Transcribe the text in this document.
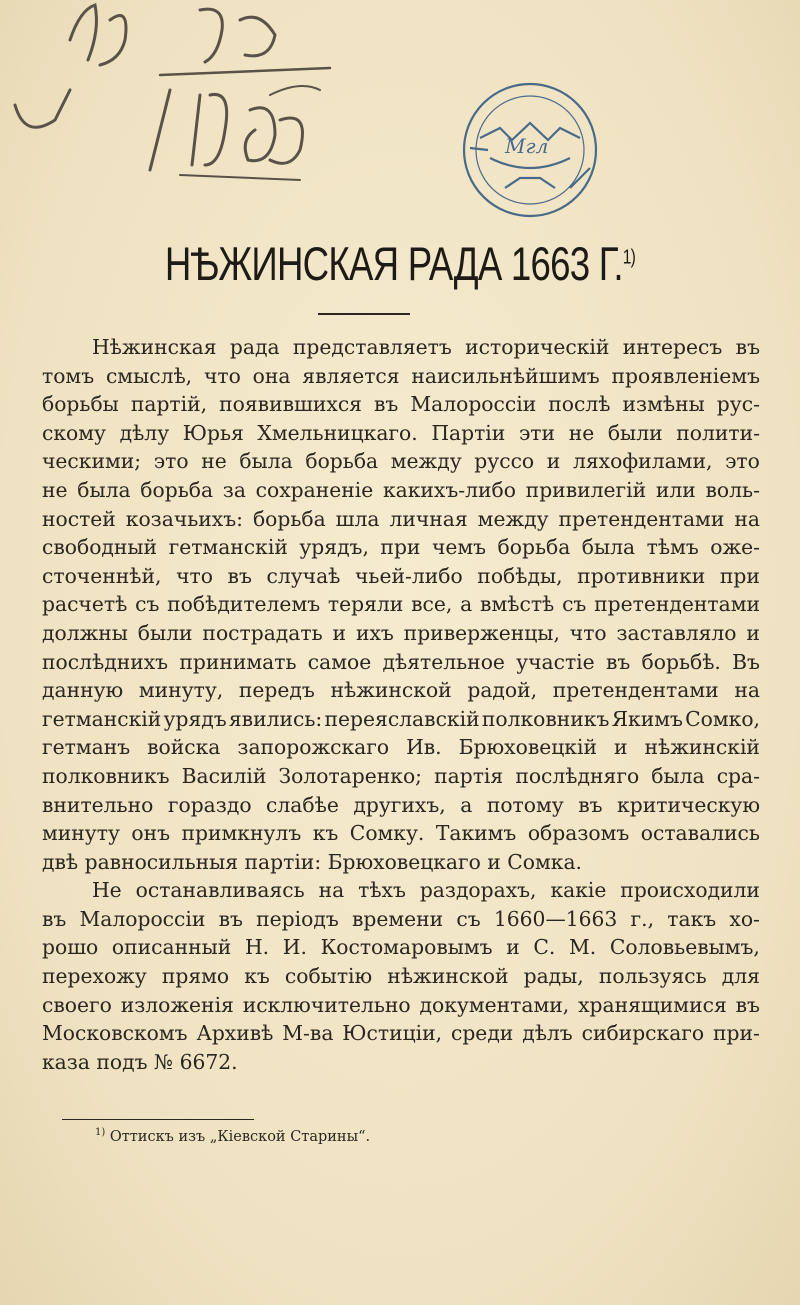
Мгл
НѢЖИНСКАЯ РАДА 1663 Г.$^{1)}$
Нѣжинская рада представляетъ историческій интересъ въ
томъ смыслѣ, что она является наисильнѣйшимъ проявленіемъ
борьбы партій, появившихся въ Малороссіи послѣ измѣны рус-
скому дѣлу Юрья Хмельницкаго. Партіи эти не были полити-
ческими; это не была борьба между руссо и ляхофилами, это
не была борьба за сохраненіе какихъ-либо привилегій или воль-
ностей козачьихъ: борьба шла личная между претендентами на
свободный гетманскій урядъ, при чемъ борьба была тѣмъ оже-
сточеннѣй, что въ случаѣ чьей-либо побѣды, противники при
расчетѣ съ побѣдителемъ теряли все, а вмѣстѣ съ претендентами
должны были пострадать и ихъ приверженцы, что заставляло и
послѣднихъ принимать самое дѣятельное участіе въ борьбѣ. Въ
данную минуту, передъ нѣжинской радой, претендентами на
гетманскій урядъ явились: переяславскій полковникъ Якимъ Сомко,
гетманъ войска запорожскаго Ив. Брюховецкій и нѣжинскій
полковникъ Василій Золотаренко; партія послѣдняго была сра-
внительно гораздо слабѣе другихъ, а потому въ критическую
минуту онъ примкнулъ къ Сомку. Такимъ образомъ оставались
двѣ равносильныя партіи: Брюховецкаго и Сомка.
Не останавливаясь на тѣхъ раздорахъ, какіе происходили
въ Малороссіи въ періодъ времени съ 1660—1663 г., такъ хо-
рошо описанный Н. И. Костомаровымъ и С. М. Соловьевымъ,
перехожу прямо къ событію нѣжинской рады, пользуясь для
своего изложенія исключительно документами, хранящимися въ
Московскомъ Архивѣ М-ва Юстиціи, среди дѣлъ сибирскаго при-
каза подъ № 6672.
$^{1)}$ Оттискъ изъ „Кіевской Старины“.
